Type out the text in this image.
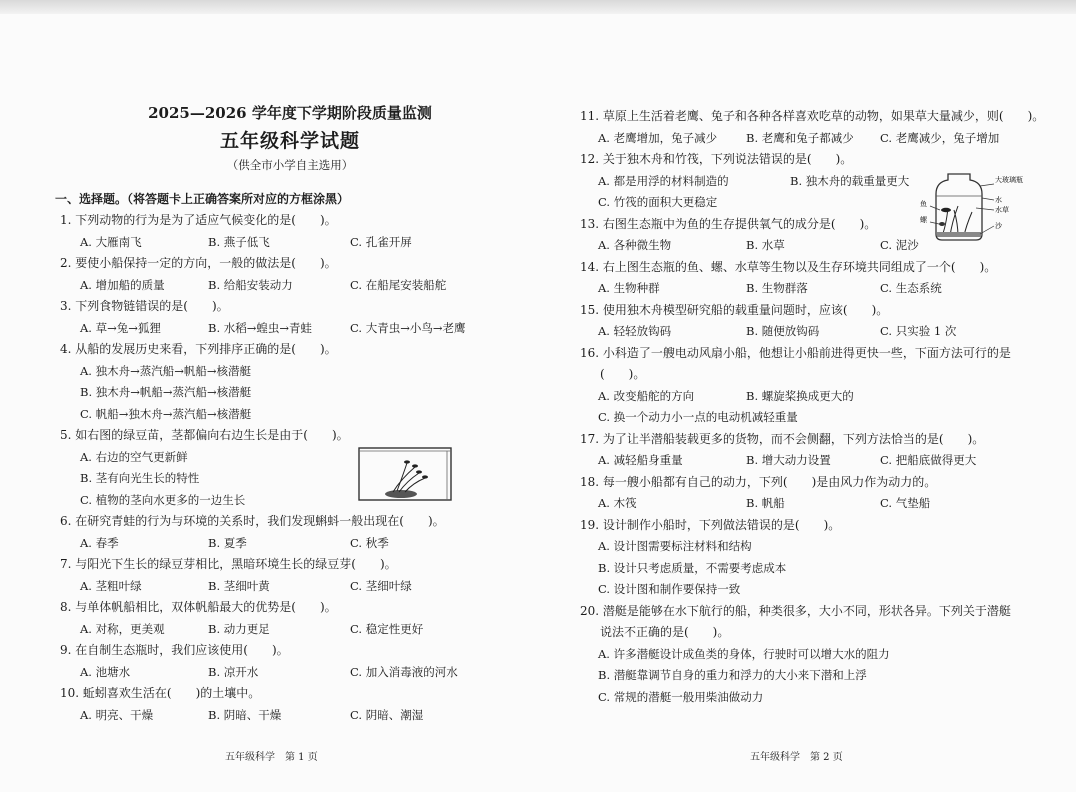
2025—2026 学年度下学期阶段质量监测
五年级科学试题
（供全市小学自主选用）
一、选择题。（将答题卡上正确答案所对应的方框涂黑）
1. 下列动物的行为是为了适应气候变化的是(　　)。
A. 大雁南飞	B. 燕子低飞	C. 孔雀开屏
2. 要使小船保持一定的方向，一般的做法是(　　)。
A. 增加船的质量	B. 给船安装动力	C. 在船尾安装船舵
3. 下列食物链错误的是(　　)。
A. 草→兔→狐狸	B. 水稻→蝗虫→青蛙	C. 大青虫→小鸟→老鹰
4. 从船的发展历史来看，下列排序正确的是(　　)。
A. 独木舟→蒸汽船→帆船→核潜艇
B. 独木舟→帆船→蒸汽船→核潜艇
C. 帆船→独木舟→蒸汽船→核潜艇
5. 如右图的绿豆苗，茎都偏向右边生长是由于(　　)。
A. 右边的空气更新鲜
B. 茎有向光生长的特性
C. 植物的茎向水更多的一边生长
6. 在研究青蛙的行为与环境的关系时，我们发现蝌蚪一般出现在(　　)。
A. 春季	B. 夏季	C. 秋季
7. 与阳光下生长的绿豆芽相比，黑暗环境生长的绿豆芽(　　)。
A. 茎粗叶绿	B. 茎细叶黄	C. 茎细叶绿
8. 与单体帆船相比，双体帆船最大的优势是(　　)。
A. 对称，更美观	B. 动力更足	C. 稳定性更好
9. 在自制生态瓶时，我们应该使用(　　)。
A. 池塘水	B. 凉开水	C. 加入消毒液的河水
10. 蚯蚓喜欢生活在(　　)的土壤中。
A. 明亮、干燥	B. 阴暗、干燥	C. 阴暗、潮湿
五年级科学　第 1 页
11. 草原上生活着老鹰、兔子和各种各样喜欢吃草的动物，如果草大量减少，则(　　)。
A. 老鹰增加，兔子减少	B. 老鹰和兔子都减少 C. 老鹰减少，兔子增加
12. 关于独木舟和竹筏，下列说法错误的是(　　)。
A. 都是用浮的材料制造的	B. 独木舟的载重量更大
C. 竹筏的面积大更稳定
13. 右图生态瓶中为鱼的生存提供氧气的成分是(　　)。
A. 各种微生物	B. 水草	C. 泥沙
14. 右上图生态瓶的鱼、螺、水草等生物以及生存环境共同组成了一个(　　)。
A. 生物种群	B. 生物群落	C. 生态系统
15. 使用独木舟模型研究船的载重量问题时，应该(　　)。
A. 轻轻放钩码	B. 随便放钩码	C. 只实验 1 次
16. 小科造了一艘电动风扇小船，他想让小船前进得更快一些，下面方法可行的是
(　　)。
A. 改变船舵的方向	B. 螺旋桨换成更大的
C. 换一个动力小一点的电动机减轻重量
17. 为了让半潜船装载更多的货物，而不会侧翻，下列方法恰当的是(　　)。
A. 减轻船身重量	B. 增大动力设置	C. 把船底做得更大
18. 每一艘小船都有自己的动力，下列(　　)是由风力作为动力的。
A. 木筏	B. 帆船	C. 气垫船
19. 设计制作小船时，下列做法错误的是(　　)。
A. 设计图需要标注材料和结构
B. 设计只考虑质量，不需要考虑成本
C. 设计图和制作要保持一致
20. 潜艇是能够在水下航行的船，种类很多，大小不同，形状各异。下列关于潜艇
说法不正确的是(　　)。
A. 许多潜艇设计成鱼类的身体，行驶时可以增大水的阻力
B. 潜艇靠调节自身的重力和浮力的大小来下潜和上浮
C. 常规的潜艇一般用柴油做动力
大玻璃瓶
水
水草
沙
鱼
螺
五年级科学　第 2 页
